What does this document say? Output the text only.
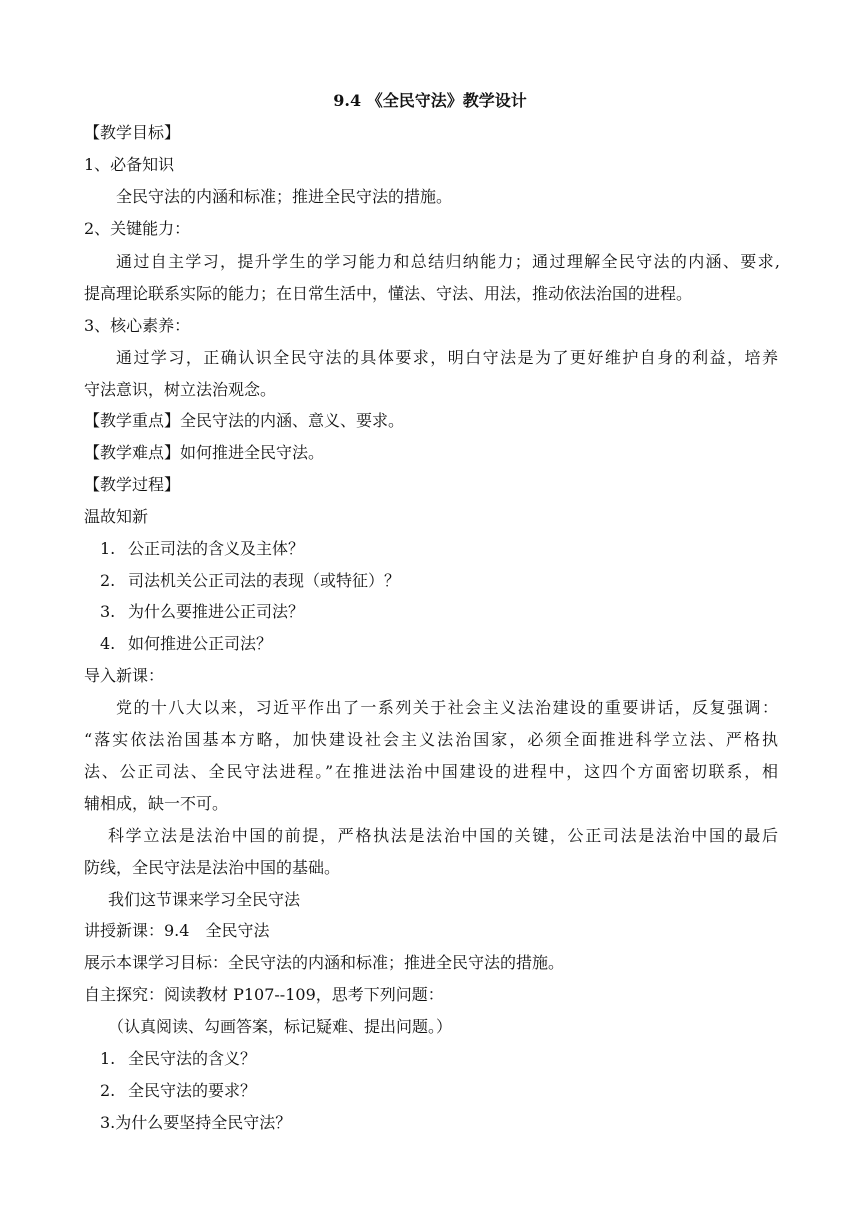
9.4 《全民守法》教学设计
【教学目标】
1、必备知识
全民守法的内涵和标准；推进全民守法的措施。
2、关键能力：
通过自主学习，提升学生的学习能力和总结归纳能力；通过理解全民守法的内涵、要求,
提高理论联系实际的能力；在日常生活中，懂法、守法、用法，推动依法治国的进程。
3、核心素养：
通过学习，正确认识全民守法的具体要求，明白守法是为了更好维护自身的利益，培养
守法意识，树立法治观念。
【教学重点】全民守法的内涵、意义、要求。
【教学难点】如何推进全民守法。
【教学过程】
温故知新
1. 公正司法的含义及主体？
2. 司法机关公正司法的表现（或特征）？
3. 为什么要推进公正司法？
4. 如何推进公正司法？
导入新课：
党的十八大以来，习近平作出了一系列关于社会主义法治建设的重要讲话，反复强调：
“落实依法治国基本方略，加快建设社会主义法治国家，必须全面推进科学立法、严格执
法、公正司法、全民守法进程。”在推进法治中国建设的进程中，这四个方面密切联系，相
辅相成，缺一不可。
科学立法是法治中国的前提，严格执法是法治中国的关键，公正司法是法治中国的最后
防线，全民守法是法治中国的基础。
我们这节课来学习全民守法
讲授新课：9.4　全民守法
展示本课学习目标：全民守法的内涵和标准；推进全民守法的措施。
自主探究：阅读教材 P107--109，思考下列问题：
（认真阅读、勾画答案，标记疑难、提出问题。）
1. 全民守法的含义？
2. 全民守法的要求？
3.为什么要坚持全民守法？
